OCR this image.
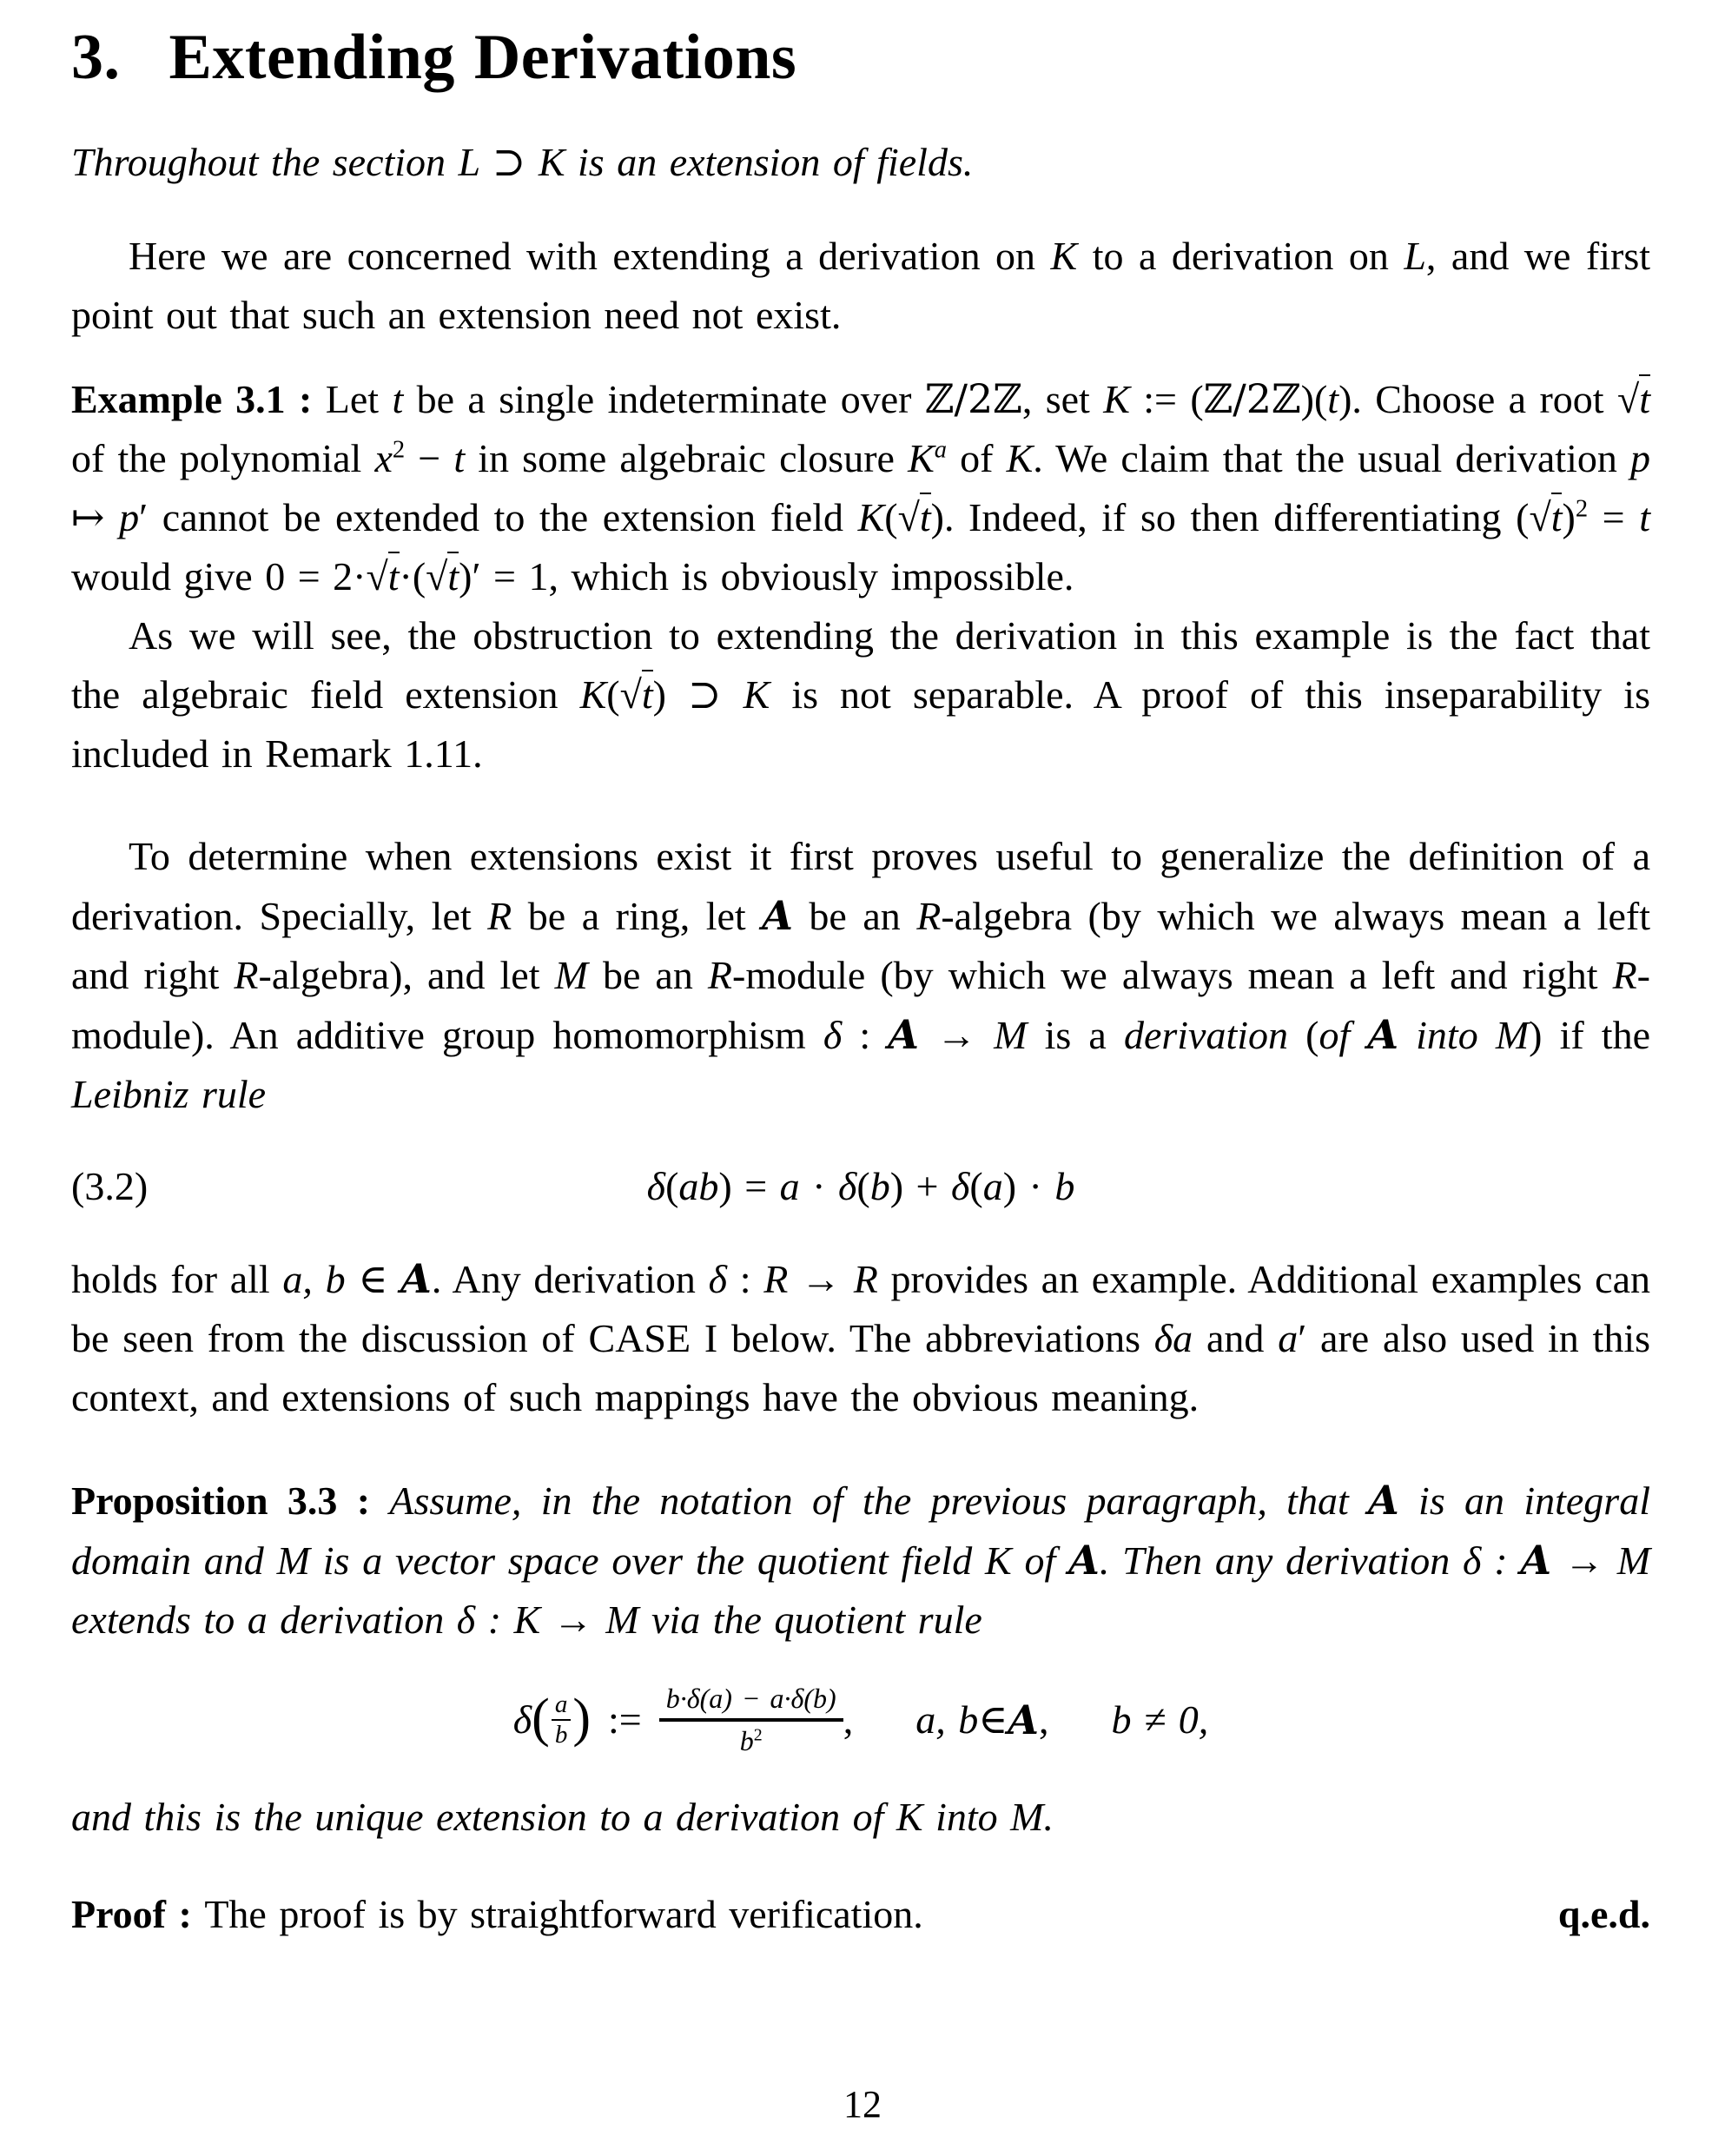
3. Extending Derivations

Throughout the section L ⊃ K is an extension of fields.

Here we are concerned with extending a derivation on K to a derivation on L, and we first point out that such an extension need not exist.

Example 3.1 : Let t be a single indeterminate over ℤ/2ℤ, set K := (ℤ/2ℤ)(t). Choose a root √t of the polynomial $x^2 - t$ in some algebraic closure $K^a$ of K. We claim that the usual derivation p ↦ p′ cannot be extended to the extension field K(√t). Indeed, if so then differentiating $(√t)^2 = t$ would give 0 = 2·√t·(√t)′ = 1, which is obviously impossible.

As we will see, the obstruction to extending the derivation in this example is the fact that the algebraic field extension K(√t) ⊃ K is not separable. A proof of this inseparability is included in Remark 1.11.

To determine when extensions exist it first proves useful to generalize the definition of a derivation. Specially, let R be a ring, let A be an R-algebra (by which we always mean a left and right R-algebra), and let M be an R-module (by which we always mean a left and right R-module). An additive group homomorphism δ : A → M is a derivation (of A into M) if the Leibniz rule

(3.2)	δ(ab) = a · δ(b) + δ(a) · b

holds for all a, b ∈ A. Any derivation δ : R → R provides an example. Additional examples can be seen from the discussion of CASE I below. The abbreviations δa and a′ are also used in this context, and extensions of such mappings have the obvious meaning.

Proposition 3.3 : Assume, in the notation of the previous paragraph, that A is an integral domain and M is a vector space over the quotient field K of A. Then any derivation δ : A → M extends to a derivation δ : K → M via the quotient rule

δ ( $\frac{a}{b}$ ) := $\frac{b\cdot\delta(a) - a\cdot\delta(b)}{b^2}$ , a, b ∈ A , b ≠ 0,

and this is the unique extension to a derivation of K into M.

Proof : The proof is by straightforward verification.	q.e.d.
12
